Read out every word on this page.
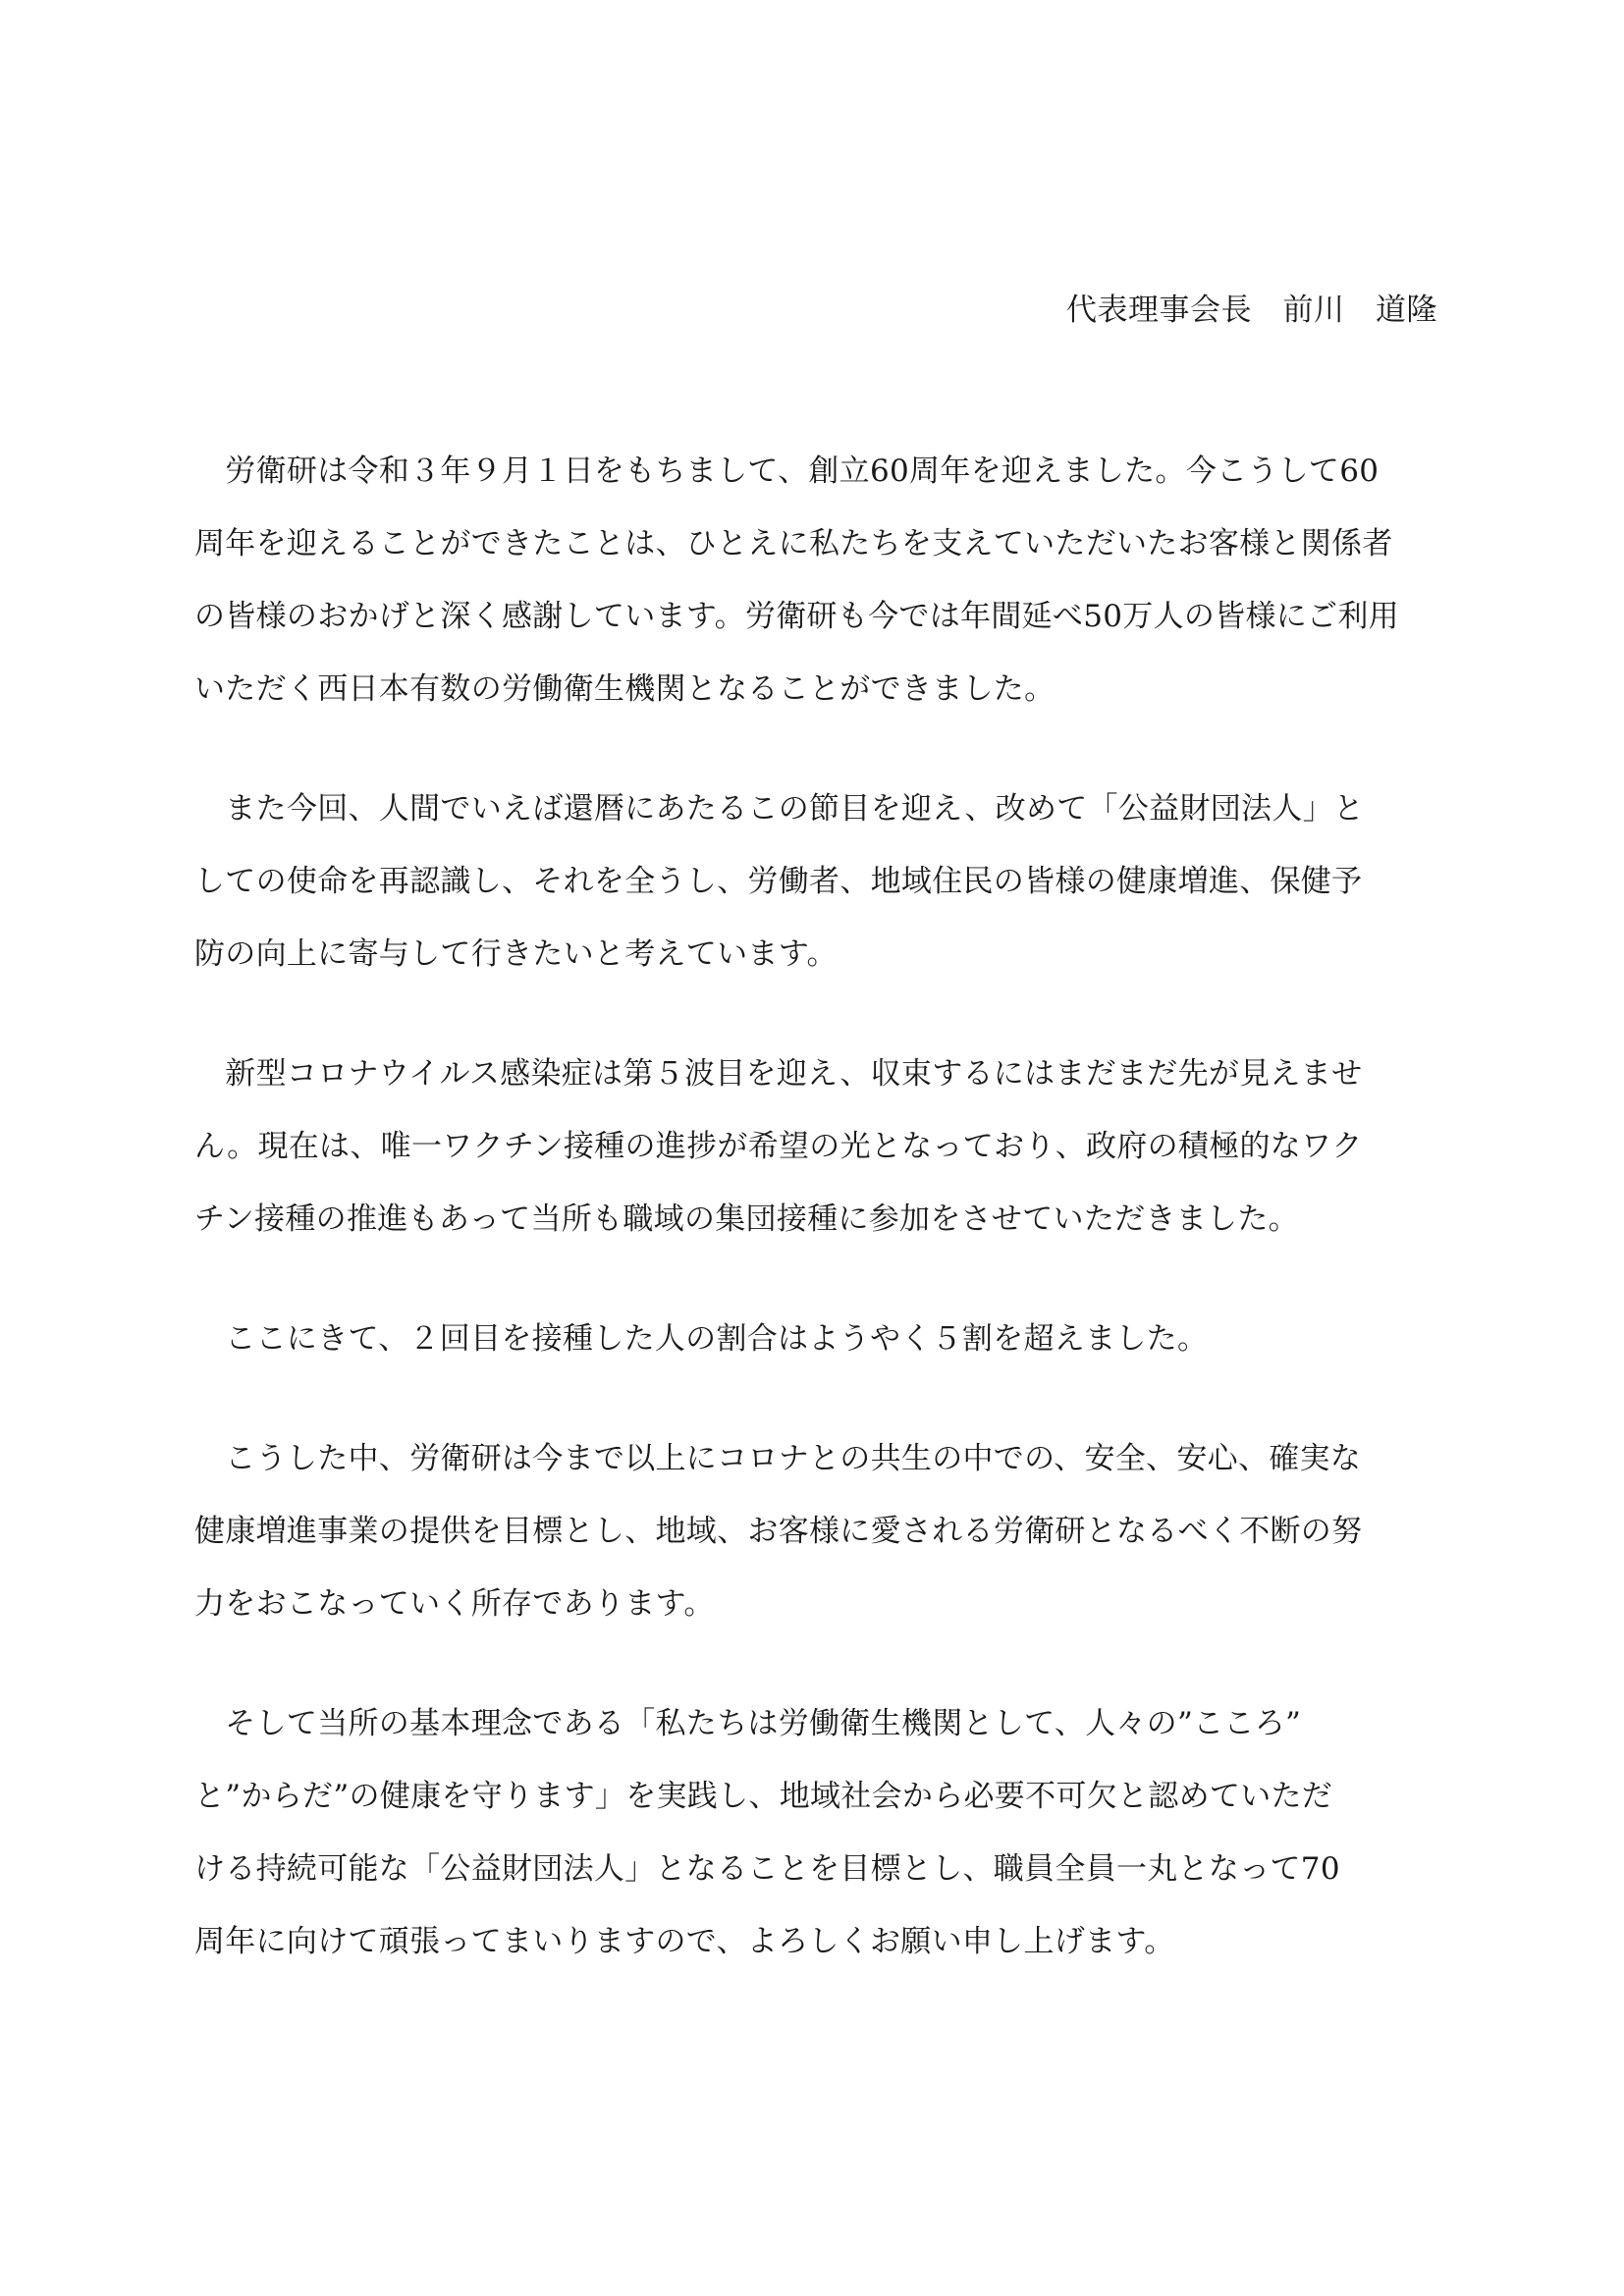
代表理事会長　前川　道隆
　労衛研は令和３年９月１日をもちまして、創立60周年を迎えました。今こうして60
周年を迎えることができたことは、ひとえに私たちを支えていただいたお客様と関係者
の皆様のおかげと深く感謝しています。労衛研も今では年間延べ50万人の皆様にご利用
いただく西日本有数の労働衛生機関となることができました。
　また今回、人間でいえば還暦にあたるこの節目を迎え、改めて「公益財団法人」と
しての使命を再認識し、それを全うし、労働者、地域住民の皆様の健康増進、保健予
防の向上に寄与して行きたいと考えています。
　新型コロナウイルス感染症は第５波目を迎え、収束するにはまだまだ先が見えませ
ん。現在は、唯一ワクチン接種の進捗が希望の光となっており、政府の積極的なワク
チン接種の推進もあって当所も職域の集団接種に参加をさせていただきました。
　ここにきて、２回目を接種した人の割合はようやく５割を超えました。
　こうした中、労衛研は今まで以上にコロナとの共生の中での、安全、安心、確実な
健康増進事業の提供を目標とし、地域、お客様に愛される労衛研となるべく不断の努
力をおこなっていく所存であります。
　そして当所の基本理念である「私たちは労働衛生機関として、人々の”こころ”
と”からだ”の健康を守ります」を実践し、地域社会から必要不可欠と認めていただ
ける持続可能な「公益財団法人」となることを目標とし、職員全員一丸となって70
周年に向けて頑張ってまいりますので、よろしくお願い申し上げます。
